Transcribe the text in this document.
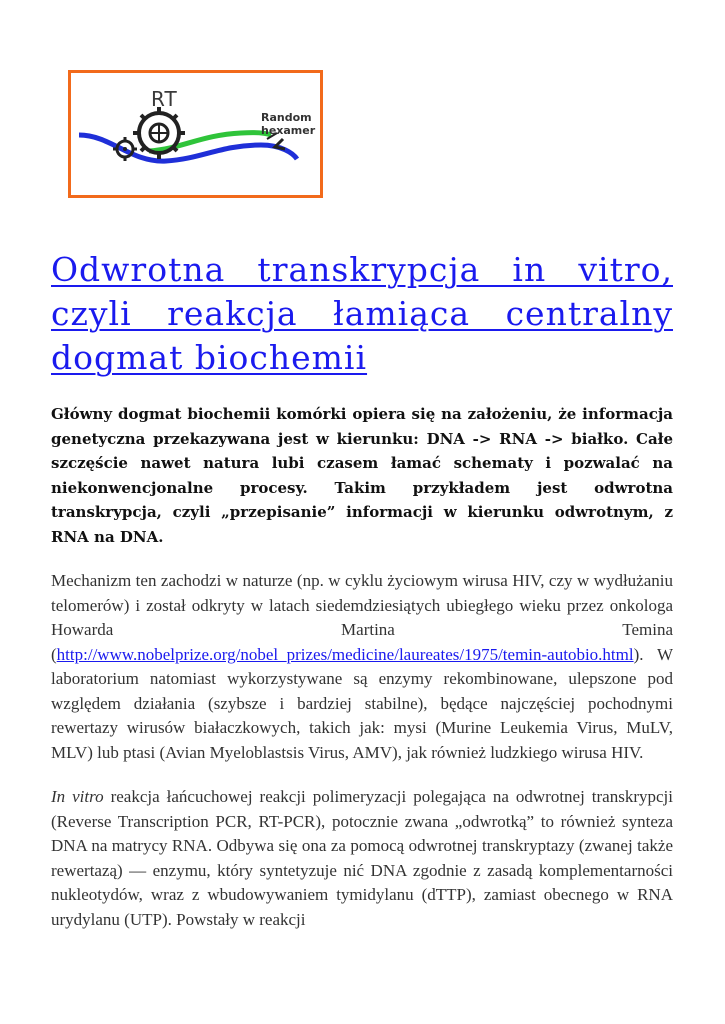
RT
Random
hexamer
Odwrotna transkrypcja in vitro, czyli reakcja łamiąca centralny dogmat biochemii

Główny dogmat biochemii komórki opiera się na założeniu, że informacja genetyczna przekazywana jest w kierunku: DNA -> RNA -> białko. Całe szczęście nawet natura lubi czasem łamać schematy i pozwalać na niekonwencjonalne procesy. Takim przykładem jest odwrotna transkrypcja, czyli „przepisanie” informacji w kierunku odwrotnym, z RNA na DNA.

Mechanizm ten zachodzi w naturze (np. w cyklu życiowym wirusa HIV, czy w wydłużaniu telomerów) i został odkryty w latach siedemdziesiątych ubiegłego wieku przez onkologa Howarda Martina Temina (http://www.nobelprize.org/nobel_prizes/medicine/laureates/1975/temin-autobio.html). W laboratorium natomiast wykorzystywane są enzymy rekombinowane, ulepszone pod względem działania (szybsze i bardziej stabilne), będące najczęściej pochodnymi rewertazy wirusów białaczkowych, takich jak: mysi (Murine Leukemia Virus, MuLV, MLV) lub ptasi (Avian Myeloblastsis Virus, AMV), jak również ludzkiego wirusa HIV.

In vitro reakcja łańcuchowej reakcji polimeryzacji polegająca na odwrotnej transkrypcji (Reverse Transcription PCR, RT-PCR), potocznie zwana „odwrotką” to również synteza DNA na matrycy RNA. Odbywa się ona za pomocą odwrotnej transkryptazy (zwanej także rewertazą) — enzymu, który syntetyzuje nić DNA zgodnie z zasadą komplementarności nukleotydów, wraz z wbudowywaniem tymidylanu (dTTP), zamiast obecnego w RNA urydylanu (UTP). Powstały w reakcji
